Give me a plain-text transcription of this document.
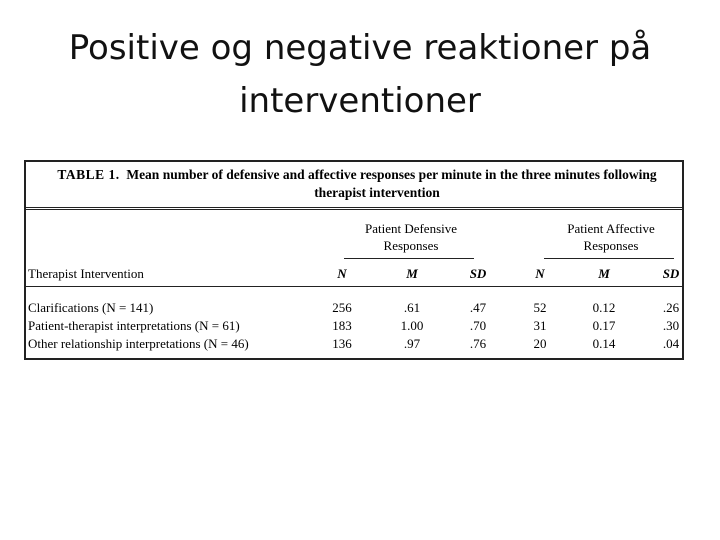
Positive og negative reaktioner på
interventioner
TABLE 1. Mean number of defensive and affective responses per minute in the three minutes following
therapist intervention
Patient Defensive
Responses
Patient Affective
Responses
Therapist Intervention	N	M	SD	N	M	SD
Clarifications (N = 141)	256	.61	.47	52	0.12	.26
Patient-therapist interpretations (N = 61)	183	1.00	.70	31	0.17	.30
Other relationship interpretations (N = 46)	136	.97	.76	20	0.14	.04
